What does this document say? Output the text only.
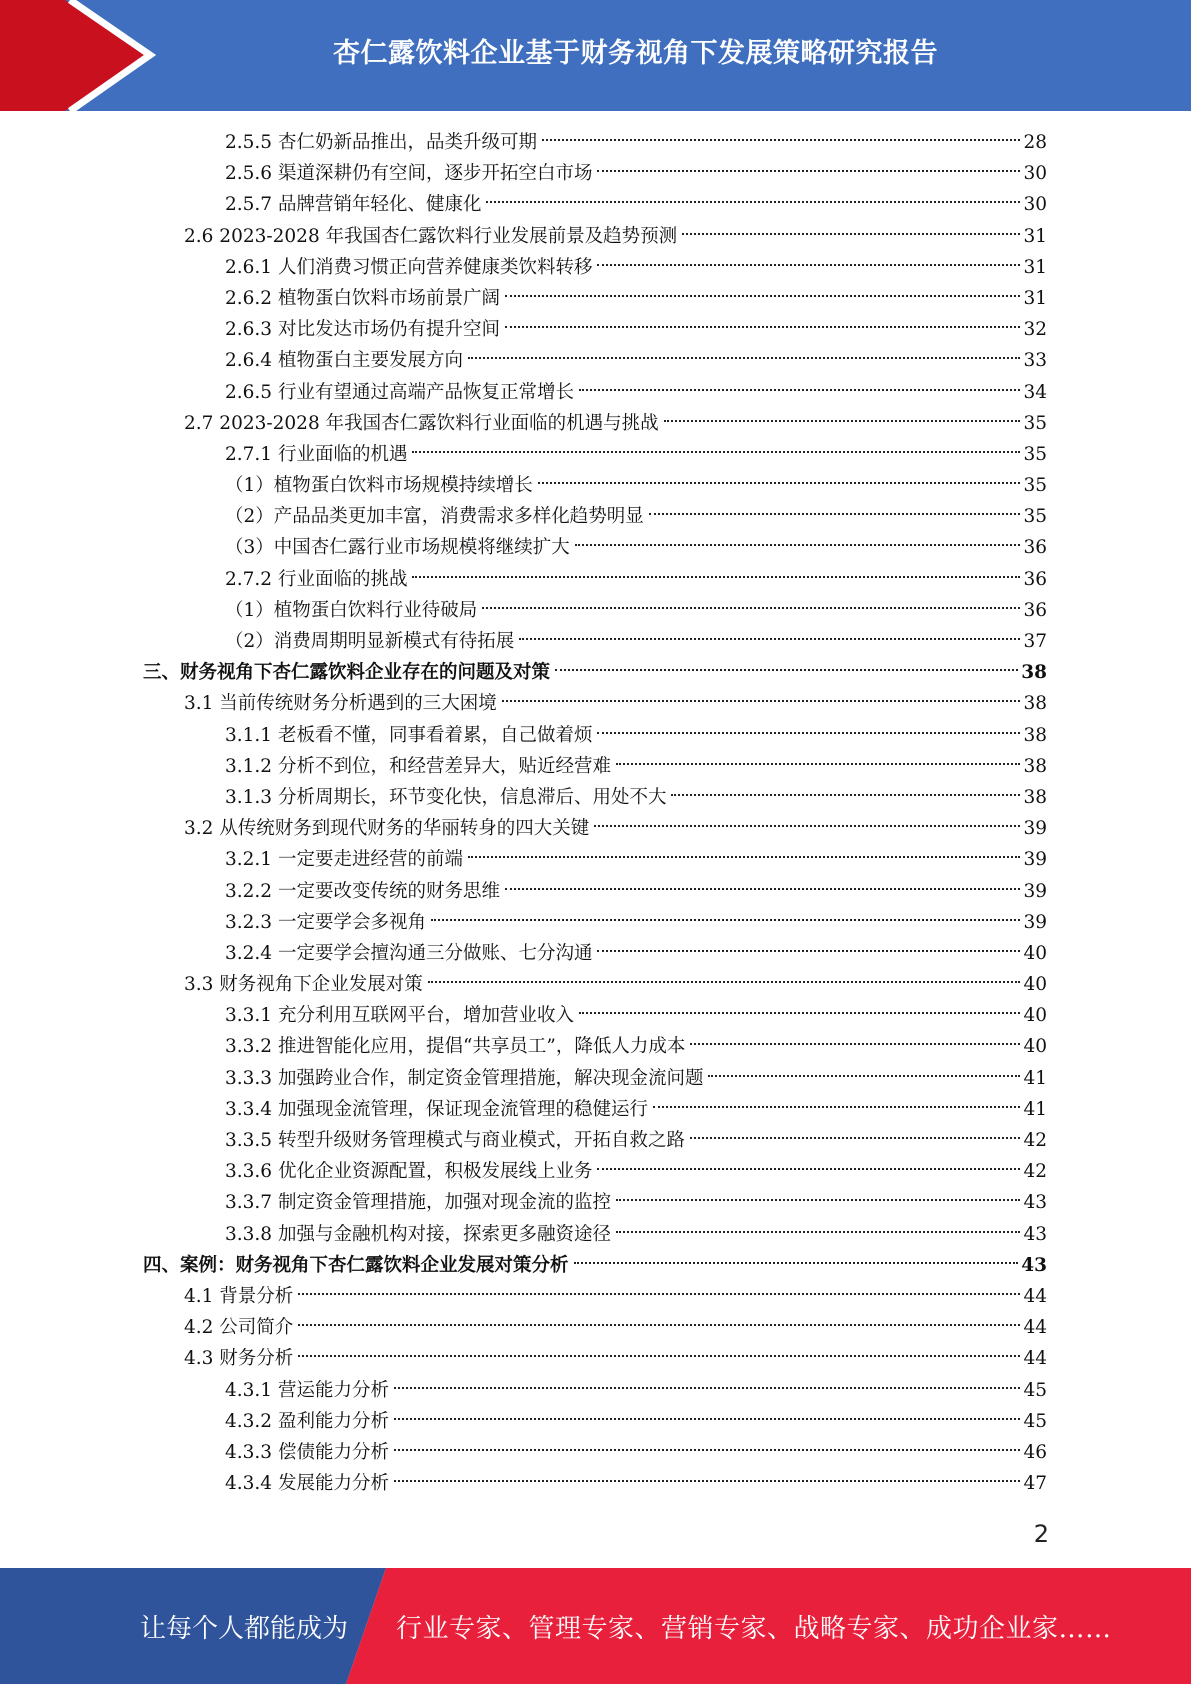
杏仁露饮料企业基于财务视角下发展策略研究报告
2.5.5 杏仁奶新品推出，品类升级可期	28
2.5.6 渠道深耕仍有空间，逐步开拓空白市场	30
2.5.7 品牌营销年轻化、健康化	30
2.6 2023-2028 年我国杏仁露饮料行业发展前景及趋势预测	31
2.6.1 人们消费习惯正向营养健康类饮料转移	31
2.6.2 植物蛋白饮料市场前景广阔	31
2.6.3 对比发达市场仍有提升空间	32
2.6.4 植物蛋白主要发展方向	33
2.6.5 行业有望通过高端产品恢复正常增长	34
2.7 2023-2028 年我国杏仁露饮料行业面临的机遇与挑战	35
2.7.1 行业面临的机遇	35
（1）植物蛋白饮料市场规模持续增长	35
（2）产品品类更加丰富，消费需求多样化趋势明显	35
（3）中国杏仁露行业市场规模将继续扩大	36
2.7.2 行业面临的挑战	36
（1）植物蛋白饮料行业待破局	36
（2）消费周期明显新模式有待拓展	37
三、财务视角下杏仁露饮料企业存在的问题及对策	38
3.1 当前传统财务分析遇到的三大困境	38
3.1.1 老板看不懂，同事看着累，自己做着烦	38
3.1.2 分析不到位，和经营差异大，贴近经营难	38
3.1.3 分析周期长，环节变化快，信息滞后、用处不大	38
3.2 从传统财务到现代财务的华丽转身的四大关键	39
3.2.1 一定要走进经营的前端	39
3.2.2 一定要改变传统的财务思维	39
3.2.3 一定要学会多视角	39
3.2.4 一定要学会擅沟通三分做账、七分沟通	40
3.3 财务视角下企业发展对策	40
3.3.1 充分利用互联网平台，增加营业收入	40
3.3.2 推进智能化应用，提倡“共享员工”，降低人力成本	40
3.3.3 加强跨业合作，制定资金管理措施，解决现金流问题	41
3.3.4 加强现金流管理，保证现金流管理的稳健运行	41
3.3.5 转型升级财务管理模式与商业模式，开拓自救之路	42
3.3.6 优化企业资源配置，积极发展线上业务	42
3.3.7 制定资金管理措施，加强对现金流的监控	43
3.3.8 加强与金融机构对接，探索更多融资途径	43
四、案例：财务视角下杏仁露饮料企业发展对策分析	43
4.1 背景分析	44
4.2 公司简介	44
4.3 财务分析	44
4.3.1 营运能力分析	45
4.3.2 盈利能力分析	45
4.3.3 偿债能力分析	46
4.3.4 发展能力分析	47
2
让每个人都能成为 行业专家、管理专家、营销专家、战略专家、成功企业家……
